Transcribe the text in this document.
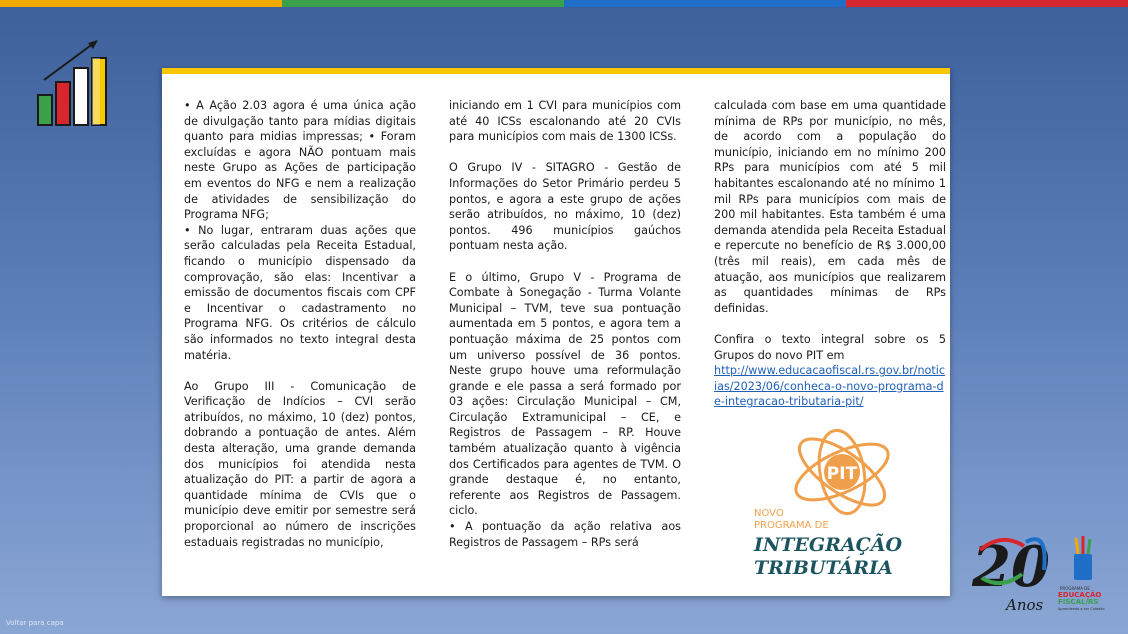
• A Ação 2.03 agora é uma única ação de divulgação tanto para mídias digitais quanto para midias impressas; • Foram excluídas e agora NÃO pontuam mais neste Grupo as Ações de participação em eventos do NFG e nem a realização de atividades de sensibilização do Programa NFG;

• No lugar, entraram duas ações que serão calculadas pela Receita Estadual, ficando o município dispensado da comprovação, são elas: Incentivar a emissão de documentos fiscais com CPF e Incentivar o cadastramento no Programa NFG. Os critérios de cálculo são informados no texto integral desta matéria.

Ao Grupo III - Comunicação de Verificação de Indícios – CVI serão atribuídos, no máximo, 10 (dez) pontos, dobrando a pontuação de antes. Além desta alteração, uma grande demanda dos municípios foi atendida nesta atualização do PIT: a partir de agora a quantidade mínima de CVIs que o município deve emitir por semestre será proporcional ao número de inscrições estaduais registradas no município,

iniciando em 1 CVI para municípios com até 40 ICSs escalonando até 20 CVIs para municípios com mais de 1300 ICSs.

O Grupo IV - SITAGRO - Gestão de Informações do Setor Primário perdeu 5 pontos, e agora a este grupo de ações serão atribuídos, no máximo, 10 (dez) pontos. 496 municípios gaúchos pontuam nesta ação.

E o último, Grupo V - Programa de Combate à Sonegação - Turma Volante Municipal – TVM, teve sua pontuação aumentada em 5 pontos, e agora tem a pontuação máxima de 25 pontos com um universo possível de 36 pontos. Neste grupo houve uma reformulação grande e ele passa a será formado por 03 ações: Circulação Municipal – CM, Circulação Extramunicipal – CE, e Registros de Passagem – RP. Houve também atualização quanto à vigência dos Certificados para agentes de TVM. O grande destaque é, no entanto, referente aos Registros de Passagem. ciclo.

• A pontuação da ação relativa aos Registros de Passagem – RPs será

calculada com base em uma quantidade mínima de RPs por município, no mês, de acordo com a população do município, iniciando em no mínimo 200 RPs para municípios com até 5 mil habitantes escalonando até no mínimo 1 mil RPs para municípios com mais de 200 mil habitantes. Esta também é uma demanda atendida pela Receita Estadual e repercute no benefício de R$ 3.000,00 (três mil reais), em cada mês de atuação, aos municípios que realizarem as quantidades mínimas de RPs definidas.

Confira o texto integral sobre os 5 Grupos do novo PIT em

http://www.educacaofiscal.rs.gov.br/noticias/2023/06/conheca-o-novo-programa-de-integracao-tributaria-pit/
PIT
NOVO
PROGRAMA DE
INTEGRAÇÃO
TRIBUTÁRIA 20
Anos
PROGRAMA DE
EDUCAÇÃO
FISCAL/RS
Aprendendo a ser Cidadão
Voltar para capa
